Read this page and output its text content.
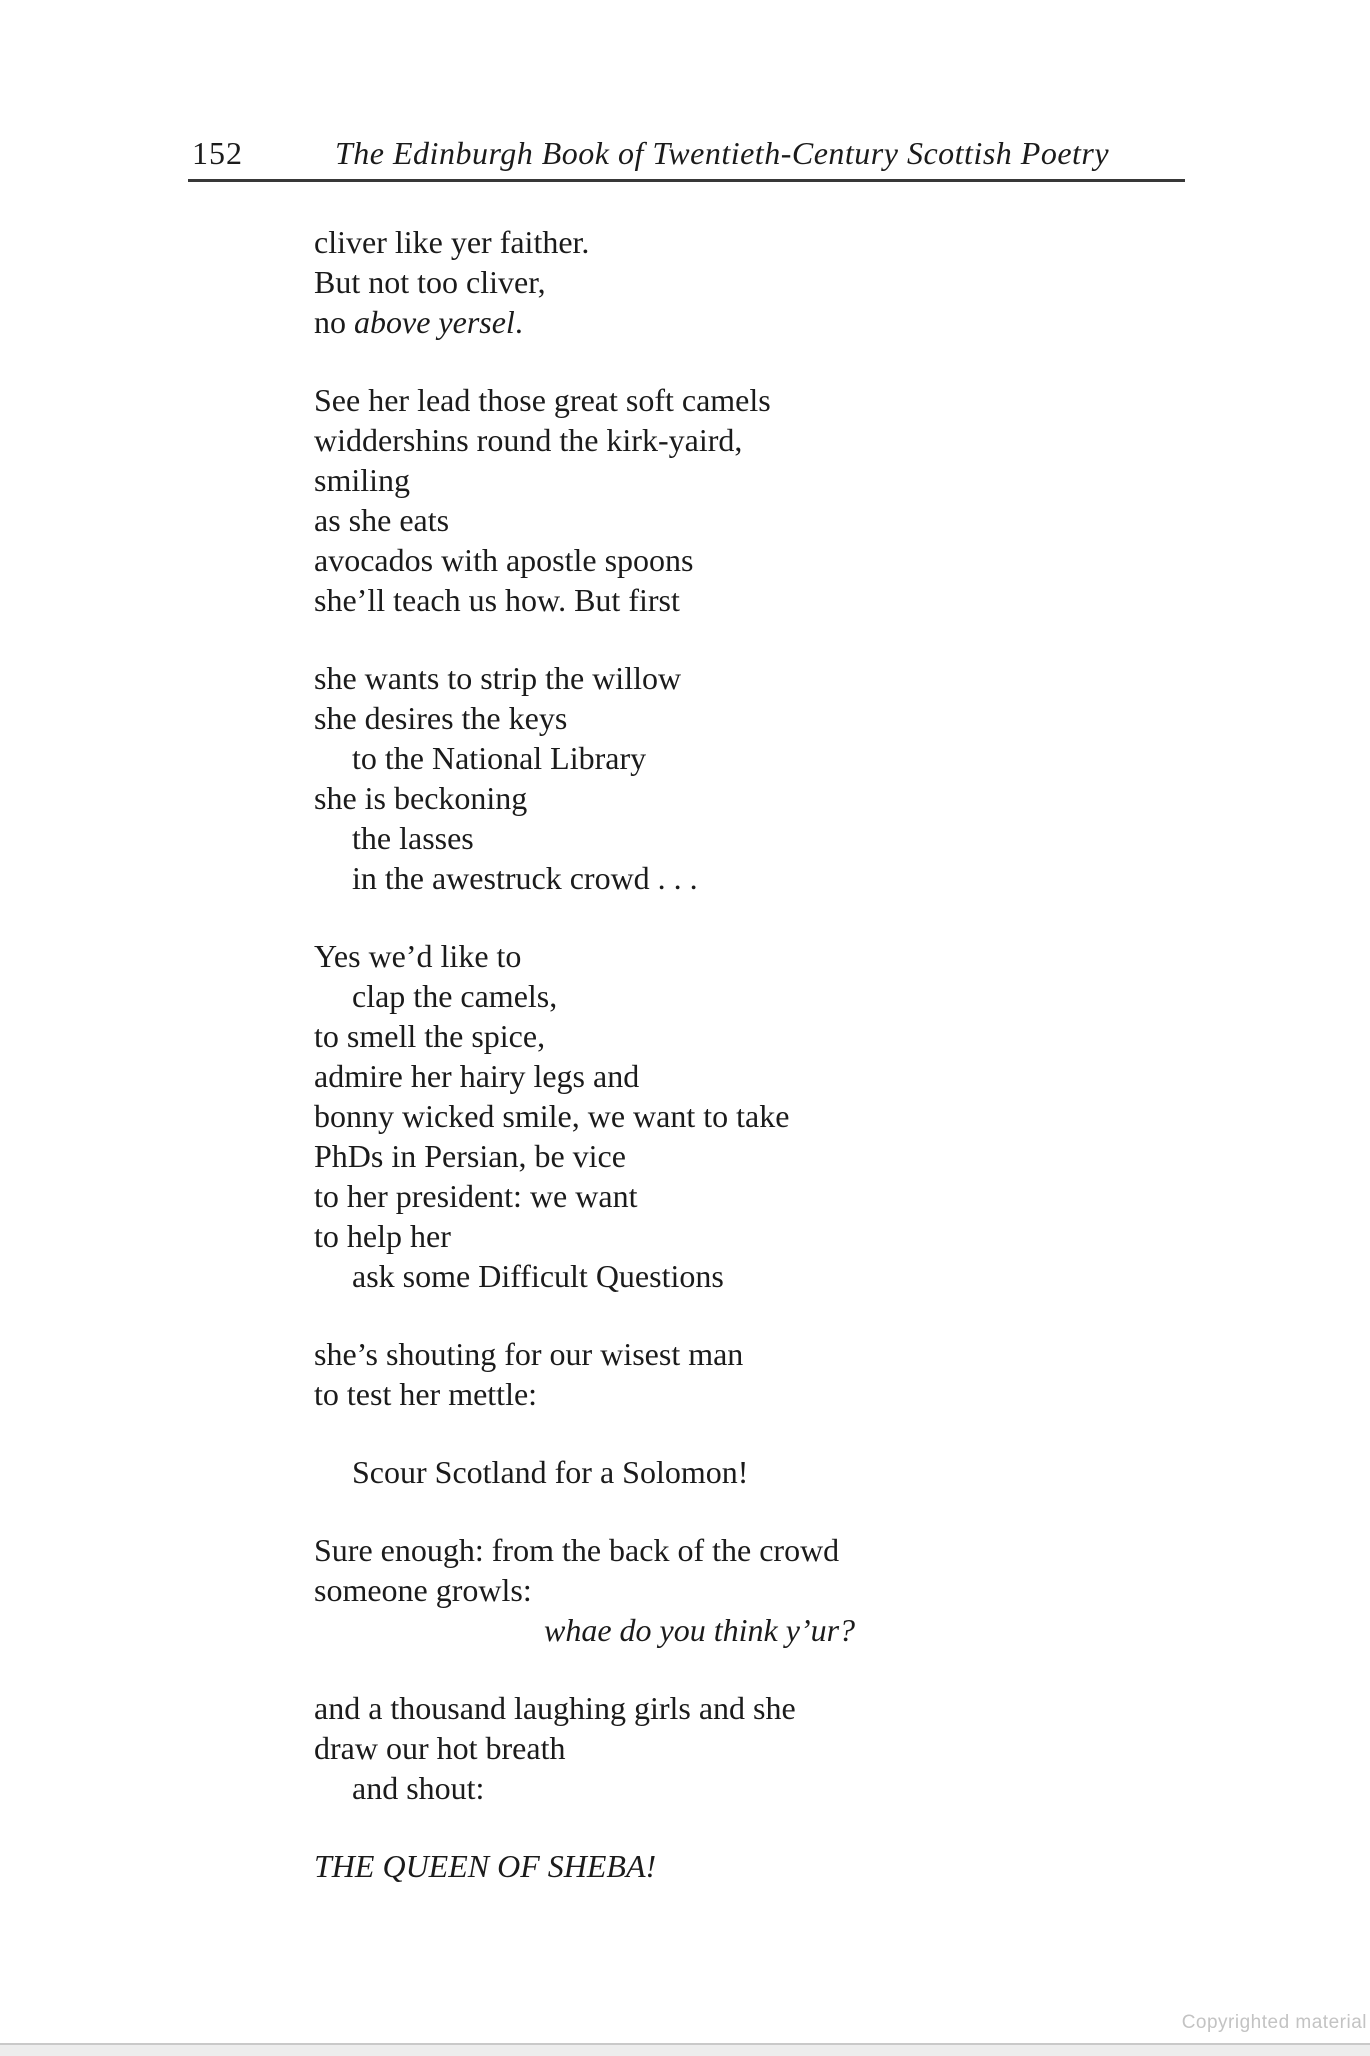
152	The Edinburgh Book of Twentieth-Century Scottish Poetry
cliver like yer faither.
But not too cliver,
no above yersel.
See her lead those great soft camels
widdershins round the kirk-yaird,
smiling
as she eats
avocados with apostle spoons
she’ll teach us how. But first
she wants to strip the willow
she desires the keys
to the National Library
she is beckoning
the lasses
in the awestruck crowd . . .
Yes we’d like to
clap the camels,
to smell the spice,
admire her hairy legs and
bonny wicked smile, we want to take
PhDs in Persian, be vice
to her president: we want
to help her
ask some Difficult Questions
she’s shouting for our wisest man
to test her mettle:
Scour Scotland for a Solomon!
Sure enough: from the back of the crowd
someone growls:
whae do you think y’ur?
and a thousand laughing girls and she
draw our hot breath
and shout:
THE QUEEN OF SHEBA!
Copyrighted material
